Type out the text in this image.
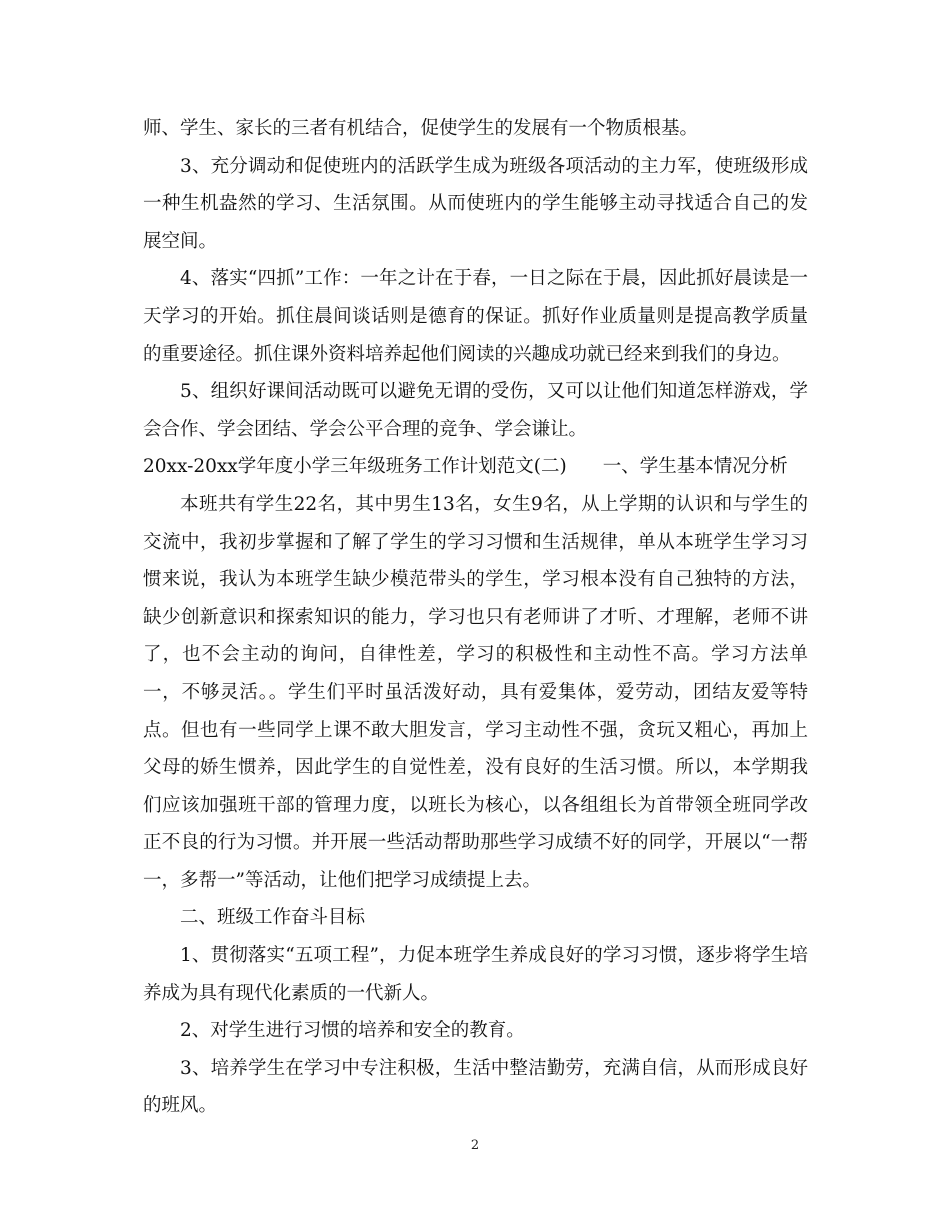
师、学生、家长的三者有机结合，促使学生的发展有一个物质根基。

3、充分调动和促使班内的活跃学生成为班级各项活动的主力军，使班级形成一种生机盎然的学习、生活氛围。从而使班内的学生能够主动寻找适合自己的发展空间。

4、落实“四抓”工作：一年之计在于春，一日之际在于晨，因此抓好晨读是一天学习的开始。抓住晨间谈话则是德育的保证。抓好作业质量则是提高教学质量的重要途径。抓住课外资料培养起他们阅读的兴趣成功就已经来到我们的身边。

5、组织好课间活动既可以避免无谓的受伤，又可以让他们知道怎样游戏，学会合作、学会团结、学会公平合理的竞争、学会谦让。

20xx-20xx学年度小学三年级班务工作计划范文(二) 一、学生基本情况分析

本班共有学生22名，其中男生13名，女生9名，从上学期的认识和与学生的交流中，我初步掌握和了解了学生的学习习惯和生活规律，单从本班学生学习习惯来说，我认为本班学生缺少模范带头的学生，学习根本没有自己独特的方法，缺少创新意识和探索知识的能力，学习也只有老师讲了才听、才理解，老师不讲了，也不会主动的询问，自律性差，学习的积极性和主动性不高。学习方法单一，不够灵活。。学生们平时虽活泼好动，具有爱集体，爱劳动，团结友爱等特点。但也有一些同学上课不敢大胆发言，学习主动性不强，贪玩又粗心，再加上父母的娇生惯养，因此学生的自觉性差，没有良好的生活习惯。所以，本学期我们应该加强班干部的管理力度，以班长为核心，以各组组长为首带领全班同学改正不良的行为习惯。并开展一些活动帮助那些学习成绩不好的同学，开展以“一帮一，多帮一”等活动，让他们把学习成绩提上去。

二、班级工作奋斗目标

1、贯彻落实“五项工程”，力促本班学生养成良好的学习习惯，逐步将学生培养成为具有现代化素质的一代新人。

2、对学生进行习惯的培养和安全的教育。

3、培养学生在学习中专注积极，生活中整洁勤劳，充满自信，从而形成良好的班风。

2
